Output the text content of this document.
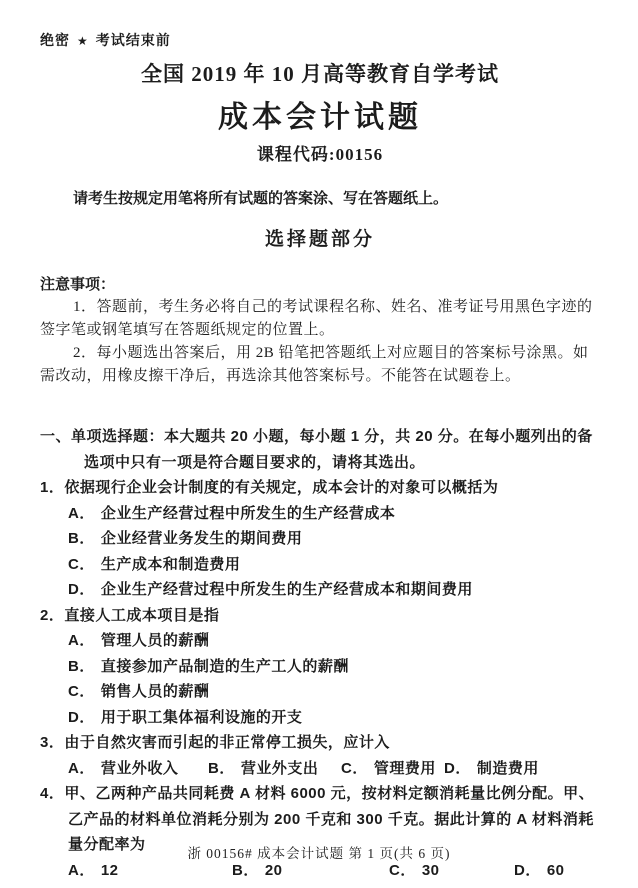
绝密 ★ 考试结束前
全国 2019 年 10 月高等教育自学考试
成本会计试题
课程代码:00156

请考生按规定用笔将所有试题的答案涂、写在答题纸上。

选择题部分
注意事项：

1．答题前，考生务必将自己的考试课程名称、姓名、准考证号用黑色字迹的签字笔或钢笔填写在答题纸规定的位置上。

2．每小题选出答案后，用 2B 铅笔把答题纸上对应题目的答案标号涂黑。如需改动，用橡皮擦干净后，再选涂其他答案标号。不能答在试题卷上。

一、单项选择题：本大题共 20 小题，每小题 1 分，共 20 分。在每小题列出的备选项中只有一项是符合题目要求的，请将其选出。
1．依据现行企业会计制度的有关规定，成本会计的对象可以概括为
A． 企业生产经营过程中所发生的生产经营成本
B． 企业经营业务发生的期间费用
C． 生产成本和制造费用
D． 企业生产经营过程中所发生的生产经营成本和期间费用
2．直接人工成本项目是指
A． 管理人员的薪酬
B． 直接参加产品制造的生产工人的薪酬
C． 销售人员的薪酬
D． 用于职工集体福利设施的开支
3．由于自然灾害而引起的非正常停工损失，应计入
A． 营业外收入	B． 营业外支出	C． 管理费用 D． 制造费用
4．甲、乙两种产品共同耗费 A 材料 6000 元，按材料定额消耗量比例分配。甲、乙产品的材料单位消耗分别为 200 千克和 300 千克。据此计算的 A 材料消耗量分配率为
A． 12	B． 20	C． 30	D． 60
浙 00156# 成本会计试题 第 1 页(共 6 页)
